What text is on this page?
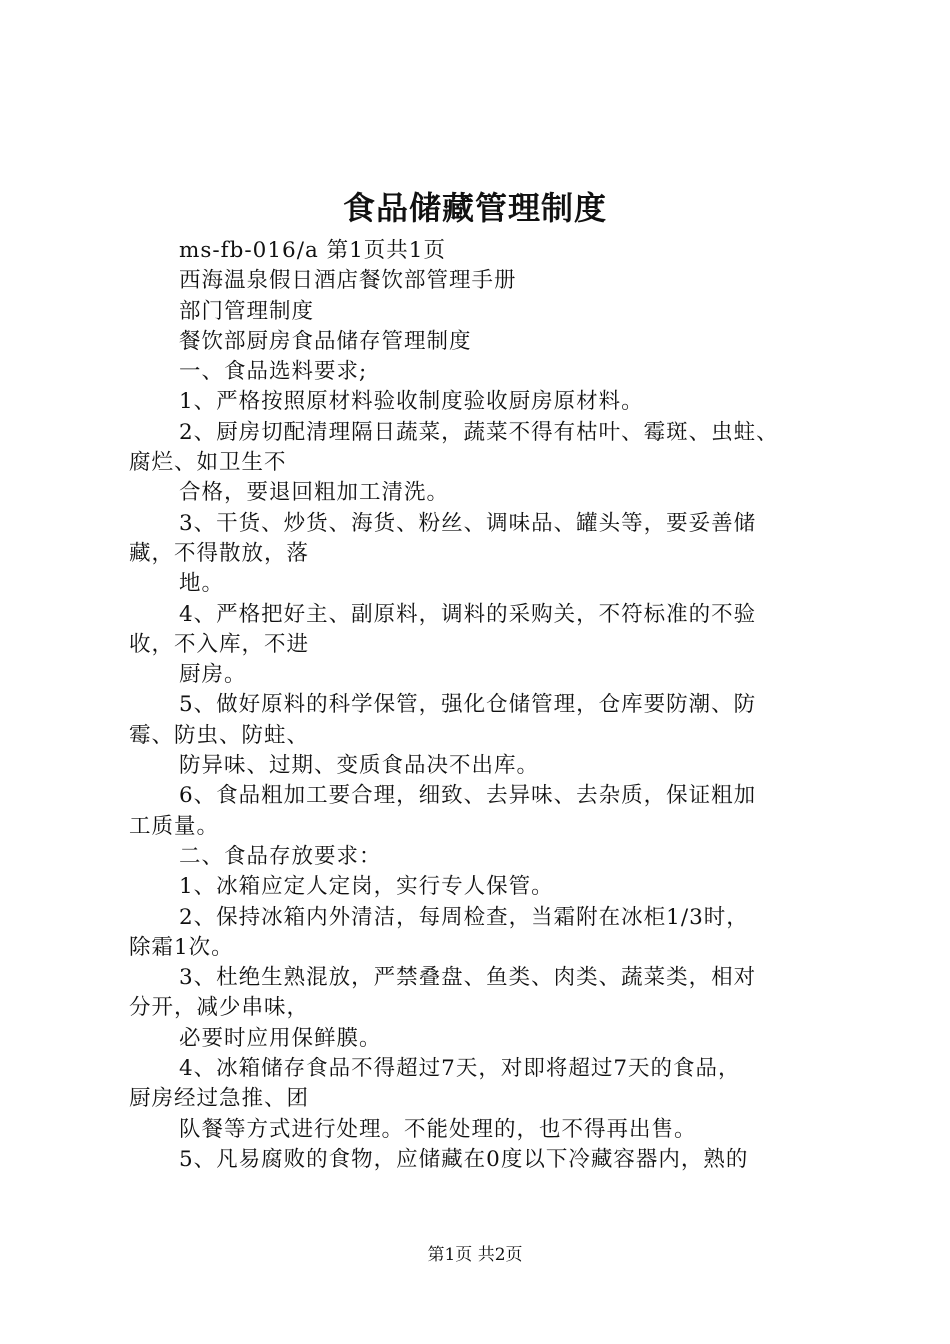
食品储藏管理制度
ms-fb-016/a 第1页共1页
西海温泉假日酒店餐饮部管理手册
部门管理制度
餐饮部厨房食品储存管理制度
一、食品选料要求;
1、严格按照原材料验收制度验收厨房原材料。
2、厨房切配清理隔日蔬菜，蔬菜不得有枯叶、霉斑、虫蛀、
腐烂、如卫生不
合格，要退回粗加工清洗。
3、干货、炒货、海货、粉丝、调味品、罐头等，要妥善储
藏，不得散放，落
地。
4、严格把好主、副原料，调料的采购关，不符标准的不验
收，不入库，不进
厨房。
5、做好原料的科学保管，强化仓储管理，仓库要防潮、防
霉、防虫、防蛀、
防异味、过期、变质食品决不出库。
6、食品粗加工要合理，细致、去异味、去杂质，保证粗加
工质量。
二、食品存放要求：
1、冰箱应定人定岗，实行专人保管。
2、保持冰箱内外清洁，每周检查，当霜附在冰柜1/3时，
除霜1次。
3、杜绝生熟混放，严禁叠盘、鱼类、肉类、蔬菜类，相对
分开，减少串味，
必要时应用保鲜膜。
4、冰箱储存食品不得超过7天，对即将超过7天的食品，
厨房经过急推、团
队餐等方式进行处理。不能处理的，也不得再出售。
5、凡易腐败的食物，应储藏在0度以下冷藏容器内，熟的
第1页 共2页
